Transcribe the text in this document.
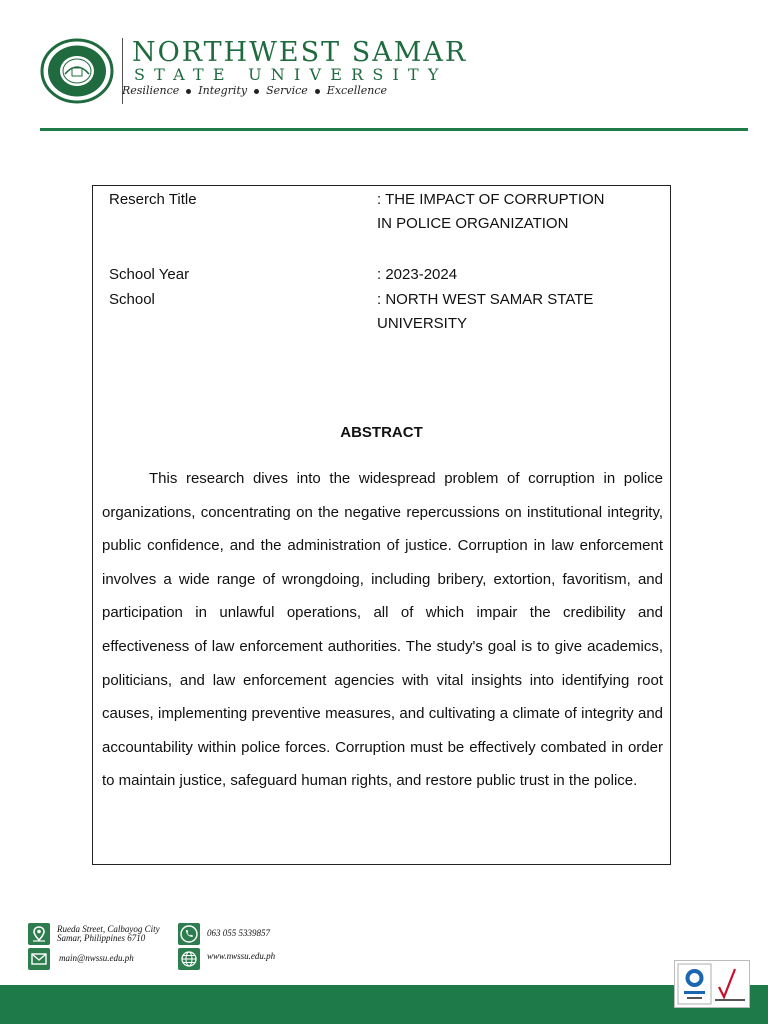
NORTHWEST SAMAR
STATE UNIVERSITY
Resilience Integrity Service Excellence
Reserch Title	: THE IMPACT OF CORRUPTION
IN POLICE ORGANIZATION
School Year	: 2023-2024
School	: NORTH WEST SAMAR STATE
UNIVERSITY
ABSTRACT

This research dives into the widespread problem of corruption in police organizations, concentrating on the negative repercussions on institutional integrity, public confidence, and the administration of justice. Corruption in law enforcement involves a wide range of wrongdoing, including bribery, extortion, favoritism, and participation in unlawful operations, all of which impair the credibility and effectiveness of law enforcement authorities. The study's goal is to give academics, politicians, and law enforcement agencies with vital insights into identifying root causes, implementing preventive measures, and cultivating a climate of integrity and accountability within police forces. Corruption must be effectively combated in order to maintain justice, safeguard human rights, and restore public trust in the police.

Rueda Street, Calbayog City
Samar, Philippines 6710	063 055 5339857
main@nwssu.edu.ph	www.nwssu.edu.ph
